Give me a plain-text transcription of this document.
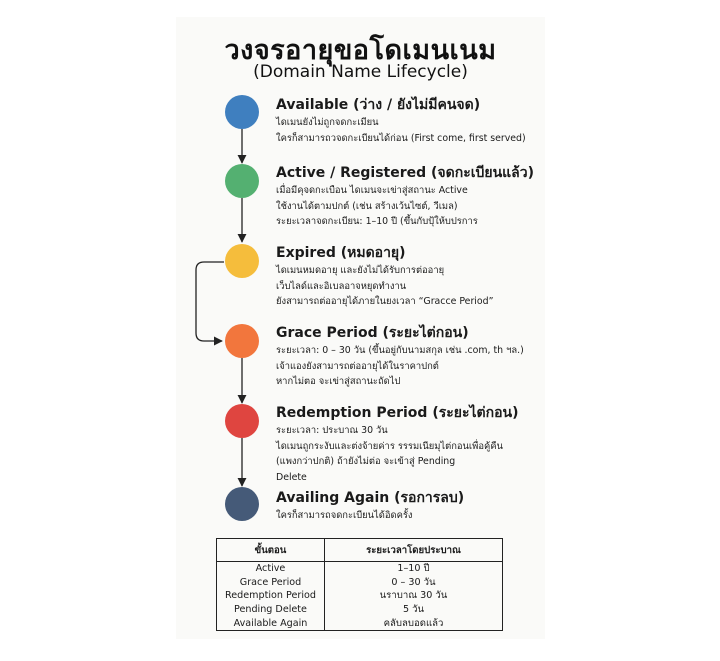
วงจรอายุขอโดเมนเนม
(Domain Name Lifecycle)
Available (ว่าง / ยังไม่มีคนจด)
ไดเมนยังไม่ถูกจดกะเมียน
ใครก็สามารถวจดกะเบียนได้ก่อน (First come, first served)
Active / Registered (จดกะเบียนแล้ว)
เมื่อมีคุจดกะเบือน ไดเมนจะเข่าสู่สถานะ Active
ใช้งานได้ตามปกต์ (เช่น สร้างเว้นไซต์, วีเมล)
ระยะเวลาจดกะเบียน: 1–10 ปี (ขึ้นกับปุ้ให้บปรการ
Expired (หมดอายุ)
ไดเมนหมดอายุ และยังไม่ได้รับการต่ออายุ
เว็บไลด์และอิเบลอาจหยุดทำงาน
ยังสามารถต่ออายุได้ภายในยงเวลา “Gracce Period”
Grace Period (ระยะไต่กอน)
ระยะเวลา: 0 – 30 วัน (ขึ้นอยู่กับนามสกุล เช่น .com, th ฯล.)
เจ้าแองยังสามารถต่ออายุได้ในราคาปกต์
หากไม่ตอ จะเข่าสู่สถานะถัดไป
Redemption Period (ระยะไต่กอน)
ระยะเวลา: ประบาณ 30 วัน
ไดเมนถูกระงับและต่งจ้ายค่าร รรรมเนียมุไต่กอนเพื่อคู้คืน
(แพงกว่าปกติ) ถ้ายังไม่ต่อ จะเข้าสู่ Pending
Delete
Availing Again (รอการลบ)
ใครก็สามารถจดกะเบียนได้อิดครั้ง
ขั้นตอน	ระยะเวลาโดยประบาณ
Active	1–10 ปี
Grace Period	0 – 30 วัน
Redemption Period	นราบาณ 30 วัน
Pending Delete	5 วัน
Available Again	คลับลบอดแล้ว
